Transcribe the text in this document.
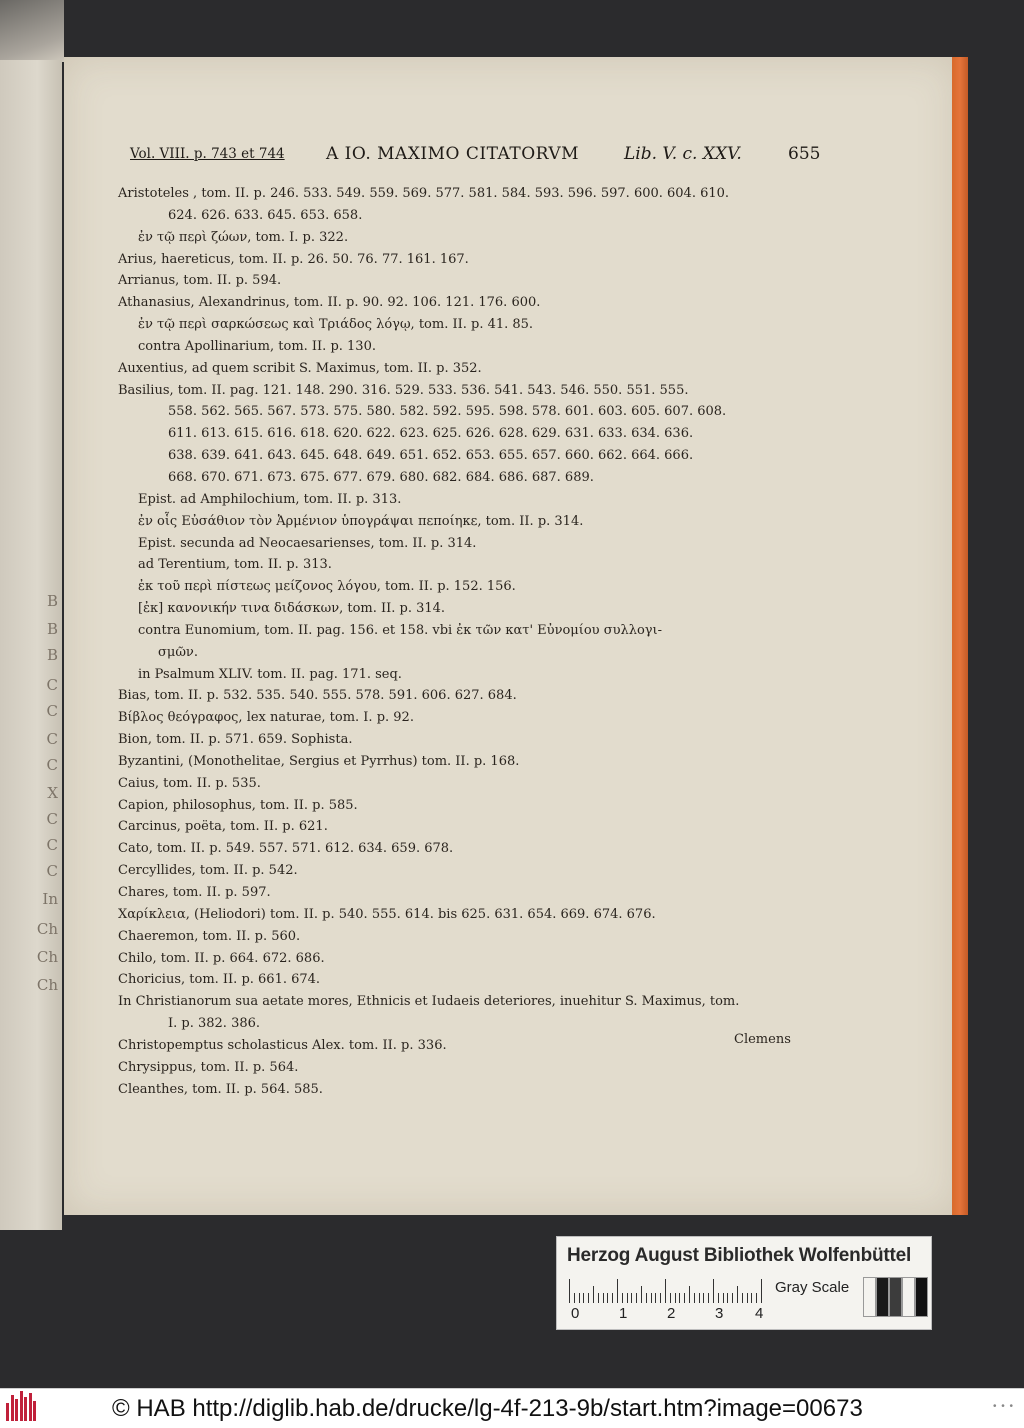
B
B
B
C
C
C
C
X
C
C
C
In
Ch
Ch
Ch
Vol. VIII. p. 743 et 744 A IO. MAXIMO CITATORVM	Lib. V. c. XXV.	655
Aristoteles , tom. II. p. 246. 533. 549. 559. 569. 577. 581. 584. 593. 596. 597. 600. 604. 610.
624. 626. 633. 645. 653. 658.
ἐν τῷ περὶ ζώων, tom. I. p. 322.
Arius, haereticus, tom. II. p. 26. 50. 76. 77. 161. 167.
Arrianus, tom. II. p. 594.
Athanasius, Alexandrinus, tom. II. p. 90. 92. 106. 121. 176. 600.
ἐν τῷ περὶ σαρκώσεως καὶ Τριάδος λόγῳ, tom. II. p. 41. 85.
contra Apollinarium, tom. II. p. 130.
Auxentius, ad quem scribit S. Maximus, tom. II. p. 352.
Basilius, tom. II. pag. 121. 148. 290. 316. 529. 533. 536. 541. 543. 546. 550. 551. 555.
558. 562. 565. 567. 573. 575. 580. 582. 592. 595. 598. 578. 601. 603. 605. 607. 608.
611. 613. 615. 616. 618. 620. 622. 623. 625. 626. 628. 629. 631. 633. 634. 636.
638. 639. 641. 643. 645. 648. 649. 651. 652. 653. 655. 657. 660. 662. 664. 666.
668. 670. 671. 673. 675. 677. 679. 680. 682. 684. 686. 687. 689.
Epist. ad Amphilochium, tom. II. p. 313.
ἐν οἷς Εὐσάθιον τὸν Ἀρμένιον ὑπογράψαι πεποίηκε, tom. II. p. 314.
Epist. secunda ad Neocaesarienses, tom. II. p. 314.
ad Terentium, tom. II. p. 313.
ἐκ τοῦ περὶ πίστεως μείζονος λόγου, tom. II. p. 152. 156.
[ἐκ] κανονικήν τινα διδάσκων, tom. II. p. 314.
contra Eunomium, tom. II. pag. 156. et 158. vbi ἐκ τῶν κατ' Εὐνομίου συλλογι-
σμῶν.
in Psalmum XLIV. tom. II. pag. 171. seq.
Bias, tom. II. p. 532. 535. 540. 555. 578. 591. 606. 627. 684.
Βίβλος θεόγραφος, lex naturae, tom. I. p. 92.
Bion, tom. II. p. 571. 659. Sophista.
Byzantini, (Monothelitae, Sergius et Pyrrhus) tom. II. p. 168.
Caius, tom. II. p. 535.
Capion, philosophus, tom. II. p. 585.
Carcinus, poëta, tom. II. p. 621.
Cato, tom. II. p. 549. 557. 571. 612. 634. 659. 678.
Cercyllides, tom. II. p. 542.
Chares, tom. II. p. 597.
Χαρίκλεια, (Heliodori) tom. II. p. 540. 555. 614. bis 625. 631. 654. 669. 674. 676.
Chaeremon, tom. II. p. 560.
Chilo, tom. II. p. 664. 672. 686.
Choricius, tom. II. p. 661. 674.
In Christianorum sua aetate mores, Ethnicis et Iudaeis deteriores, inuehitur S. Maximus, tom.
I. p. 382. 386.
Christopemptus scholasticus Alex. tom. II. p. 336.
Chrysippus, tom. II. p. 564.
Cleanthes, tom. II. p. 564. 585.
Clemens
Herzog August Bibliothek Wolfenbüttel
0	1	2	3 4
Gray Scale
© HAB http://diglib.hab.de/drucke/lg-4f-213-9b/start.htm?image=00673	• • •
